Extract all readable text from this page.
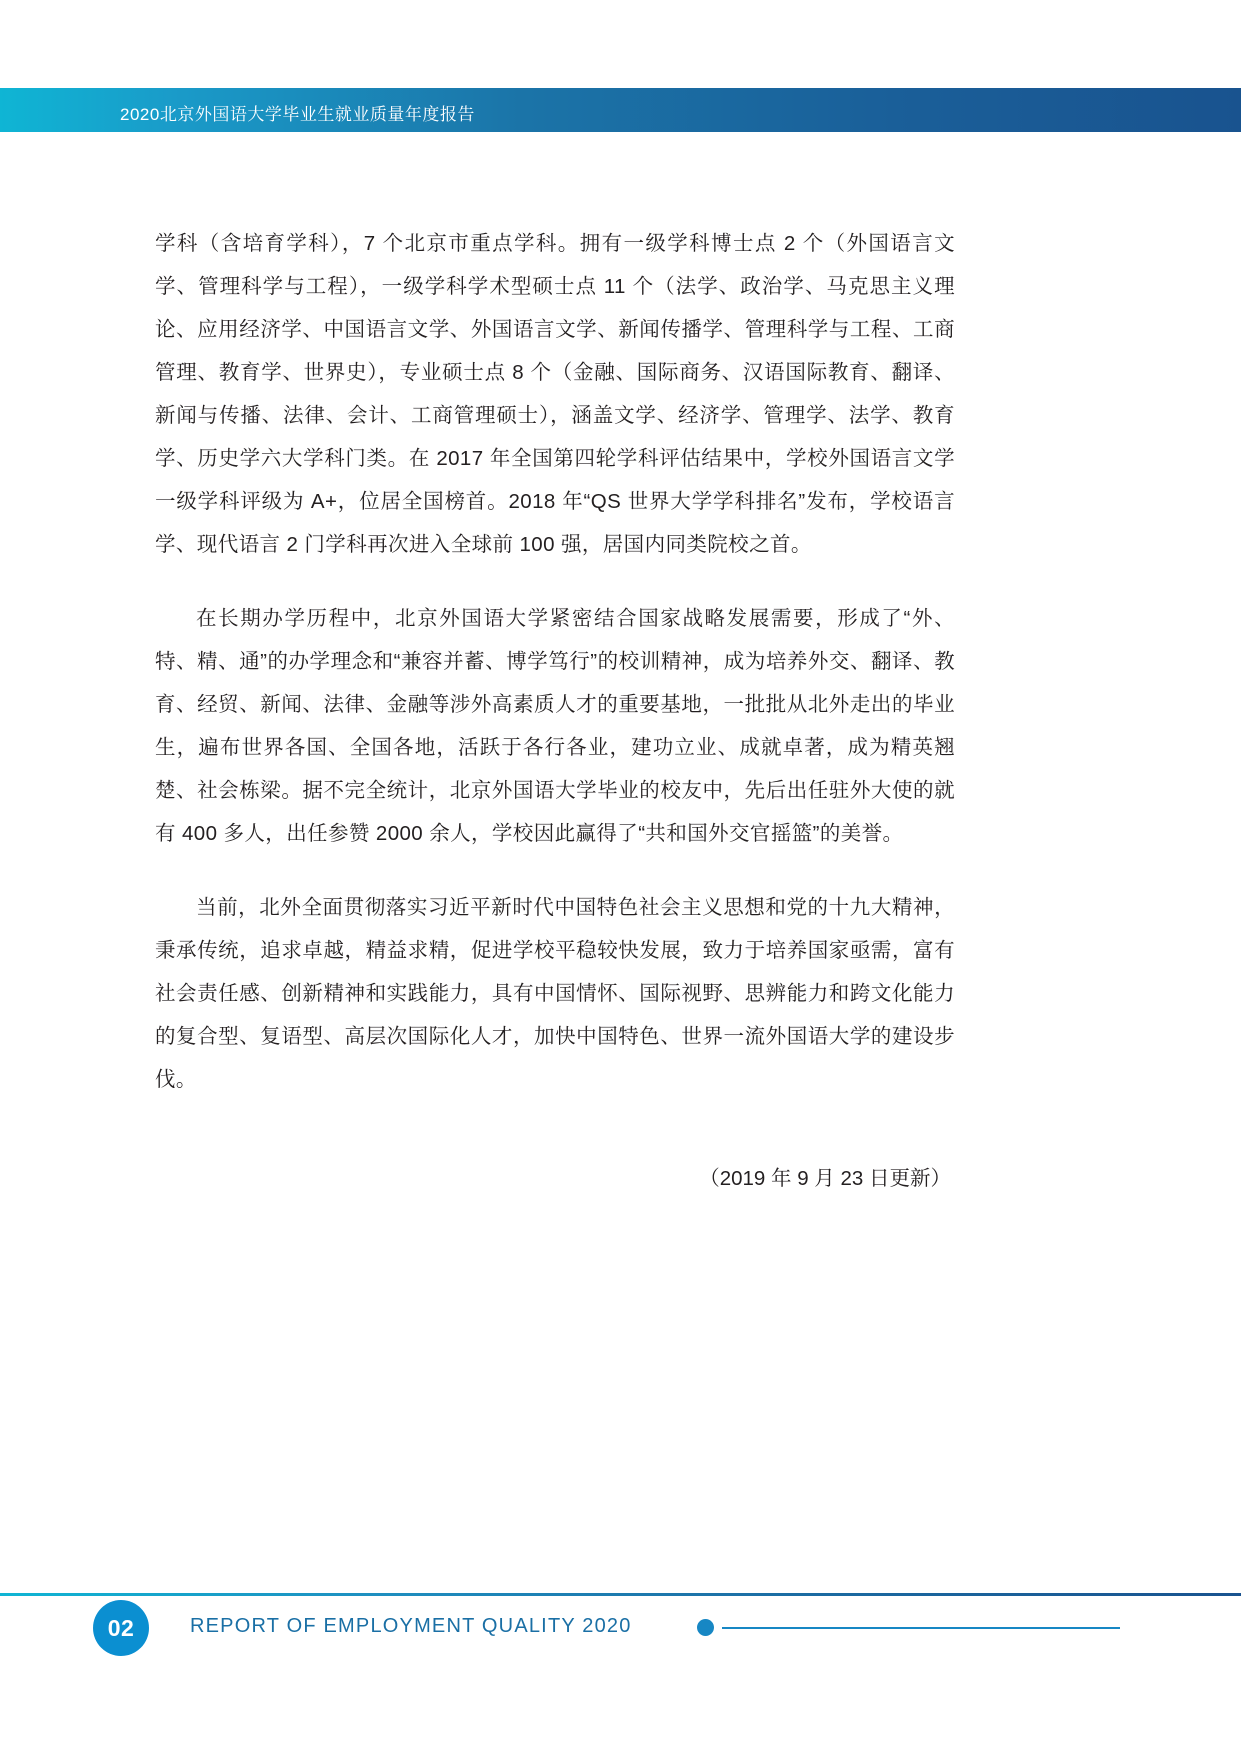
2020北京外国语大学毕业生就业质量年度报告

学科（含培育学科），7 个北京市重点学科。拥有一级学科博士点 2 个（外国语言文学、管理科学与工程），一级学科学术型硕士点 11 个（法学、政治学、马克思主义理论、应用经济学、中国语言文学、外国语言文学、新闻传播学、管理科学与工程、工商管理、教育学、世界史），专业硕士点 8 个（金融、国际商务、汉语国际教育、翻译、新闻与传播、法律、会计、工商管理硕士），涵盖文学、经济学、管理学、法学、教育学、历史学六大学科门类。在 2017 年全国第四轮学科评估结果中，学校外国语言文学一级学科评级为 A+，位居全国榜首。2018 年“QS 世界大学学科排名”发布，学校语言学、现代语言 2 门学科再次进入全球前 100 强，居国内同类院校之首。

在长期办学历程中，北京外国语大学紧密结合国家战略发展需要，形成了“外、特、精、通”的办学理念和“兼容并蓄、博学笃行”的校训精神，成为培养外交、翻译、教育、经贸、新闻、法律、金融等涉外高素质人才的重要基地，一批批从北外走出的毕业生，遍布世界各国、全国各地，活跃于各行各业，建功立业、成就卓著，成为精英翘楚、社会栋梁。据不完全统计，北京外国语大学毕业的校友中，先后出任驻外大使的就有 400 多人，出任参赞 2000 余人，学校因此赢得了“共和国外交官摇篮”的美誉。

当前，北外全面贯彻落实习近平新时代中国特色社会主义思想和党的十九大精神，秉承传统，追求卓越，精益求精，促进学校平稳较快发展，致力于培养国家亟需，富有社会责任感、创新精神和实践能力，具有中国情怀、国际视野、思辨能力和跨文化能力的复合型、复语型、高层次国际化人才，加快中国特色、世界一流外国语大学的建设步伐。

（2019 年 9 月 23 日更新）
02	REPORT OF EMPLOYMENT QUALITY 2020
